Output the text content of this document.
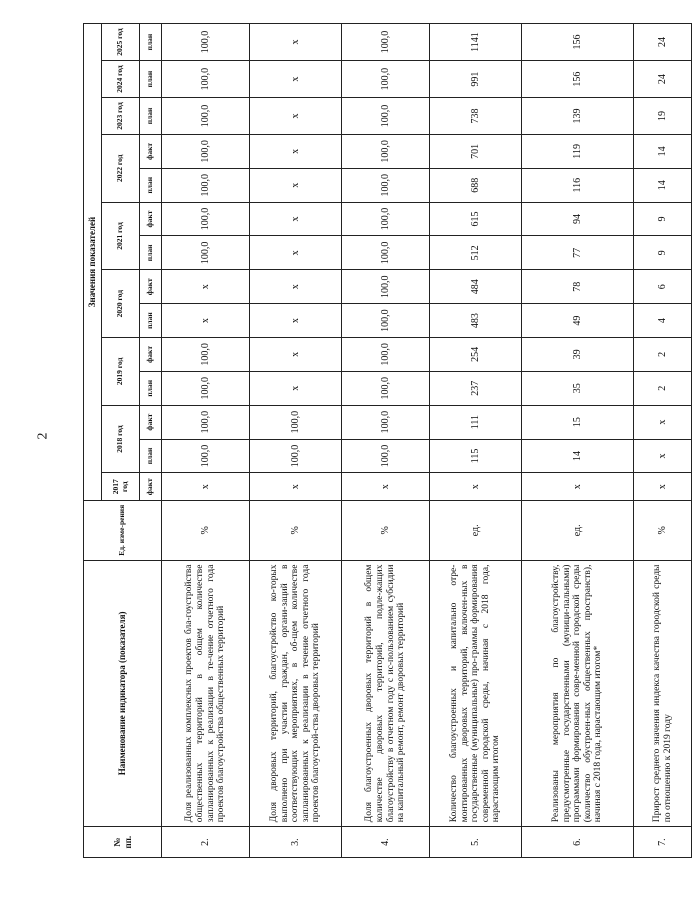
2
№ пп.	Наименование индикатора (показателя)	Ед. изме-рения	Значения показателей													
			2017 год	2018 год		2019 год		2020 год		2021 год		2022 год		2023 год	2024 год	2025 год
			факт	план	факт	план	факт	план	факт	план	факт	план	факт	план	план	план
2.	Доля реализованных комплексных проектов бла-гоустройства общественных территорий в общем количестве запланированных к реализации в те-чение отчетного года проектов благоустройства общественных территорий	%	х	100,0	100,0	100,0	100,0	х	х	100,0	100,0	100,0	100,0	100,0	100,0	100,0
3.	Доля дворовых территорий, благоустройство ко-торых выполнено при участии граждан, органи-заций в соответствующих мероприятиях, в об-щем количестве запланированных к реализации в течение отчетного года проектов благоустрой-ства дворовых территорий	%	х	100,0	100,0	х	х	х	х	х	х	х	х	х	х	х
4.	Доля благоустроенных дворовых территорий в общем количестве дворовых территорий, подле-жащих благоустройству в отчетном году с ис-пользованием субсидии на капитальный ремонт, ремонт дворовых территорий	%	х	100,0	100,0	100,0	100,0	100,0	100,0	100,0	100,0	100,0	100,0	100,0	100,0	100,0
5.	Количество благоустроенных и капитально отре-монтированных дворовых территорий, включен-ных в государственные (муниципальные) про-граммы формирования современной городской среды, начиная с 2018 года, нарастающим итогом	ед.	х	115	111	237	254	483	484	512	615	688	701	738	991	1141
6.	Реализованы мероприятия по благоустройству, предусмотренные государственными (муници-пальными) программами формирования совре-менной городской среды (количество обустроен-ных общественных пространств), начиная с 2018 года, нарастающим итогом*	ед.	х	14	15	35	39	49	78	77	94	116	119	139	156	156
7.	Прирост среднего значения индекса качества городской среды по отношению к 2019 году	%	х	х	х	2	2	4	6	9	9	14	14	19	24	24
